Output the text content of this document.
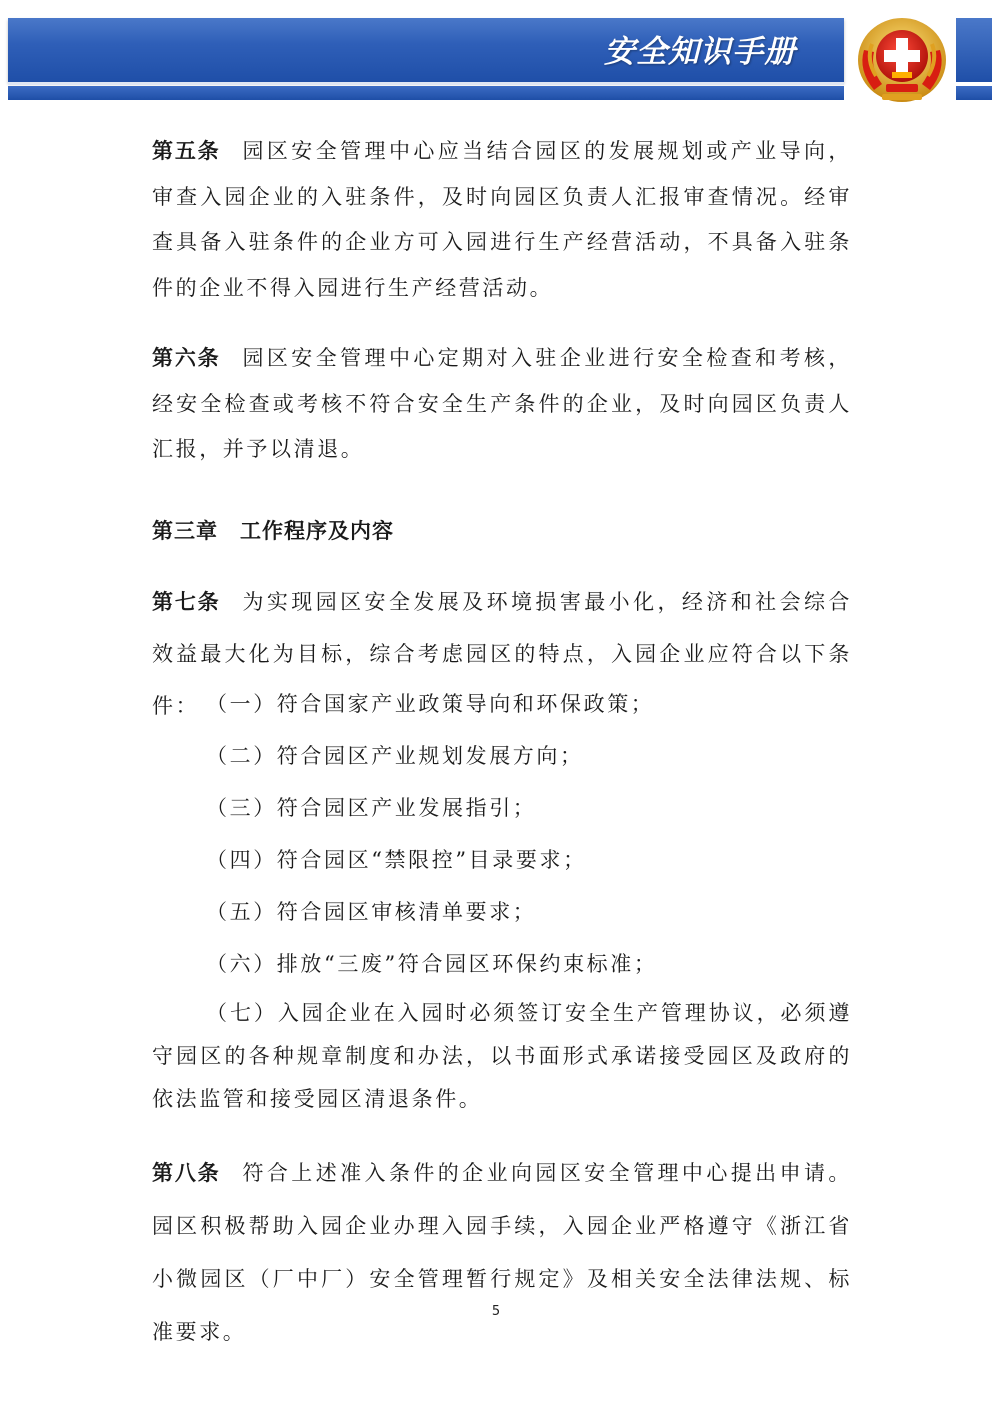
安全知识手册
第五条 园区安全管理中心应当结合园区的发展规划或产业导向，审查入园企业的入驻条件，及时向园区负责人汇报审查情况。经审查具备入驻条件的企业方可入园进行生产经营活动，不具备入驻条件的企业不得入园进行生产经营活动。
第六条 园区安全管理中心定期对入驻企业进行安全检查和考核，经安全检查或考核不符合安全生产条件的企业，及时向园区负责人汇报，并予以清退。
第三章 工作程序及内容
第七条 为实现园区安全发展及环境损害最小化，经济和社会综合效益最大化为目标，综合考虑园区的特点，入园企业应符合以下条件： （一）符合国家产业政策导向和环保政策；
（二）符合园区产业规划发展方向；
（三）符合园区产业发展指引；
（四）符合园区“禁限控”目录要求；
（五）符合园区审核清单要求；
（六）排放“三废”符合园区环保约束标准；
（七）入园企业在入园时必须签订安全生产管理协议，必须遵守园区的各种规章制度和办法，以书面形式承诺接受园区及政府的依法监管和接受园区清退条件。
第八条 符合上述准入条件的企业向园区安全管理中心提出申请。园区积极帮助入园企业办理入园手续，入园企业严格遵守《浙江省小微园区（厂中厂）安全管理暂行规定》及相关安全法律法规、标准要求。
5
